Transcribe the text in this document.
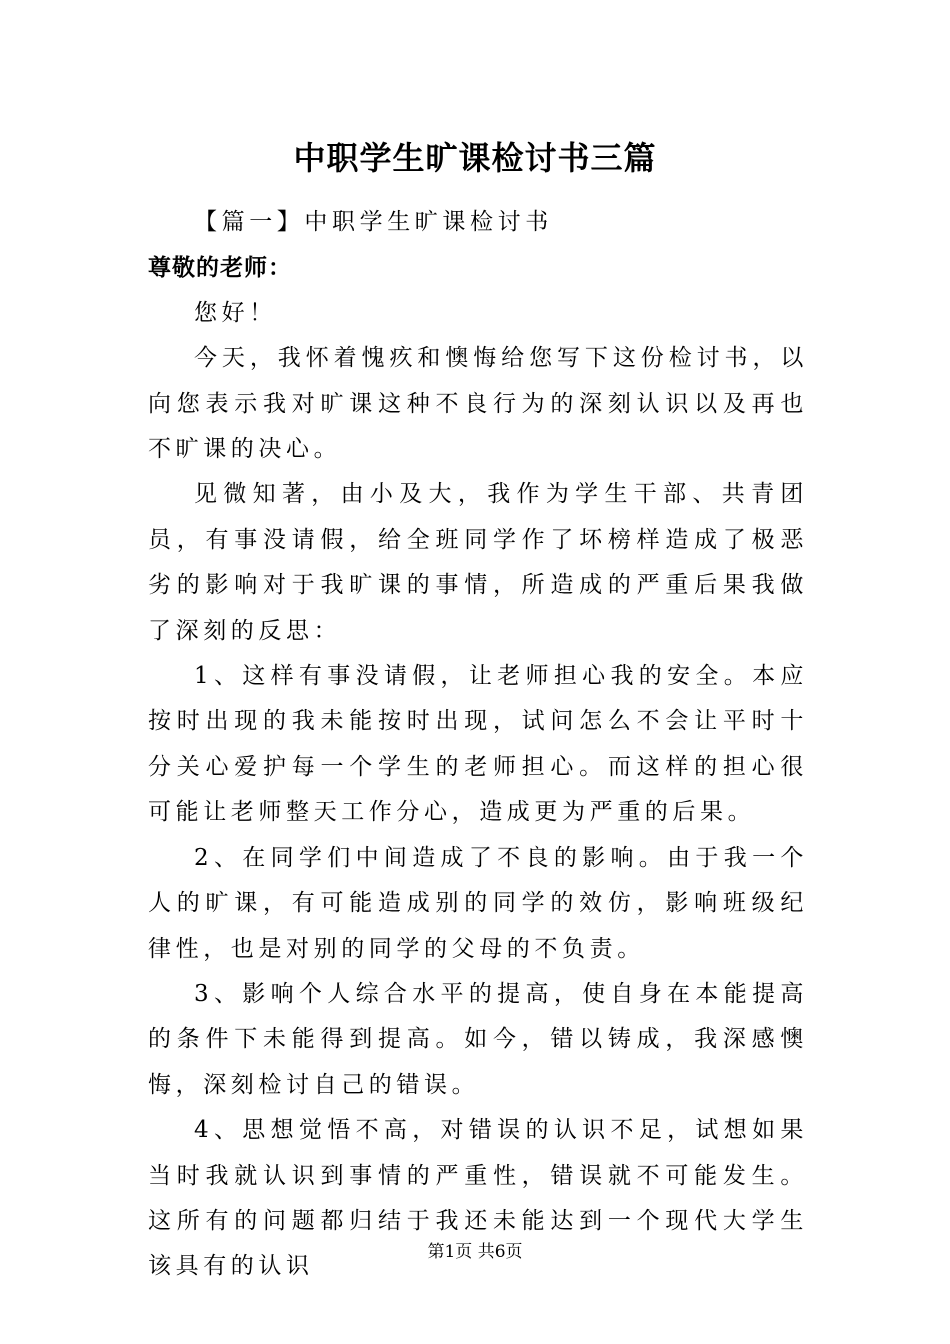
中职学生旷课检讨书三篇

【篇一】中职学生旷课检讨书

尊敬的老师：

您好！

今天，我怀着愧疚和懊悔给您写下这份检讨书，以向您表示我对旷课这种不良行为的深刻认识以及再也不旷课的决心。

见微知著，由小及大，我作为学生干部、共青团员，有事没请假，给全班同学作了坏榜样造成了极恶劣的影响对于我旷课的事情，所造成的严重后果我做了深刻的反思：

1、这样有事没请假，让老师担心我的安全。本应按时出现的我未能按时出现，试问怎么不会让平时十分关心爱护每一个学生的老师担心。而这样的担心很可能让老师整天工作分心，造成更为严重的后果。

2、在同学们中间造成了不良的影响。由于我一个人的旷课，有可能造成别的同学的效仿，影响班级纪律性，也是对别的同学的父母的不负责。

3、影响个人综合水平的提高，使自身在本能提高的条件下未能得到提高。如今，错以铸成，我深感懊悔，深刻检讨自己的错误。

4、思想觉悟不高，对错误的认识不足，试想如果当时我就认识到事情的严重性，错误就不可能发生。这所有的问题都归结于我还未能达到一个现代大学生该具有的认识

第1页 共6页
